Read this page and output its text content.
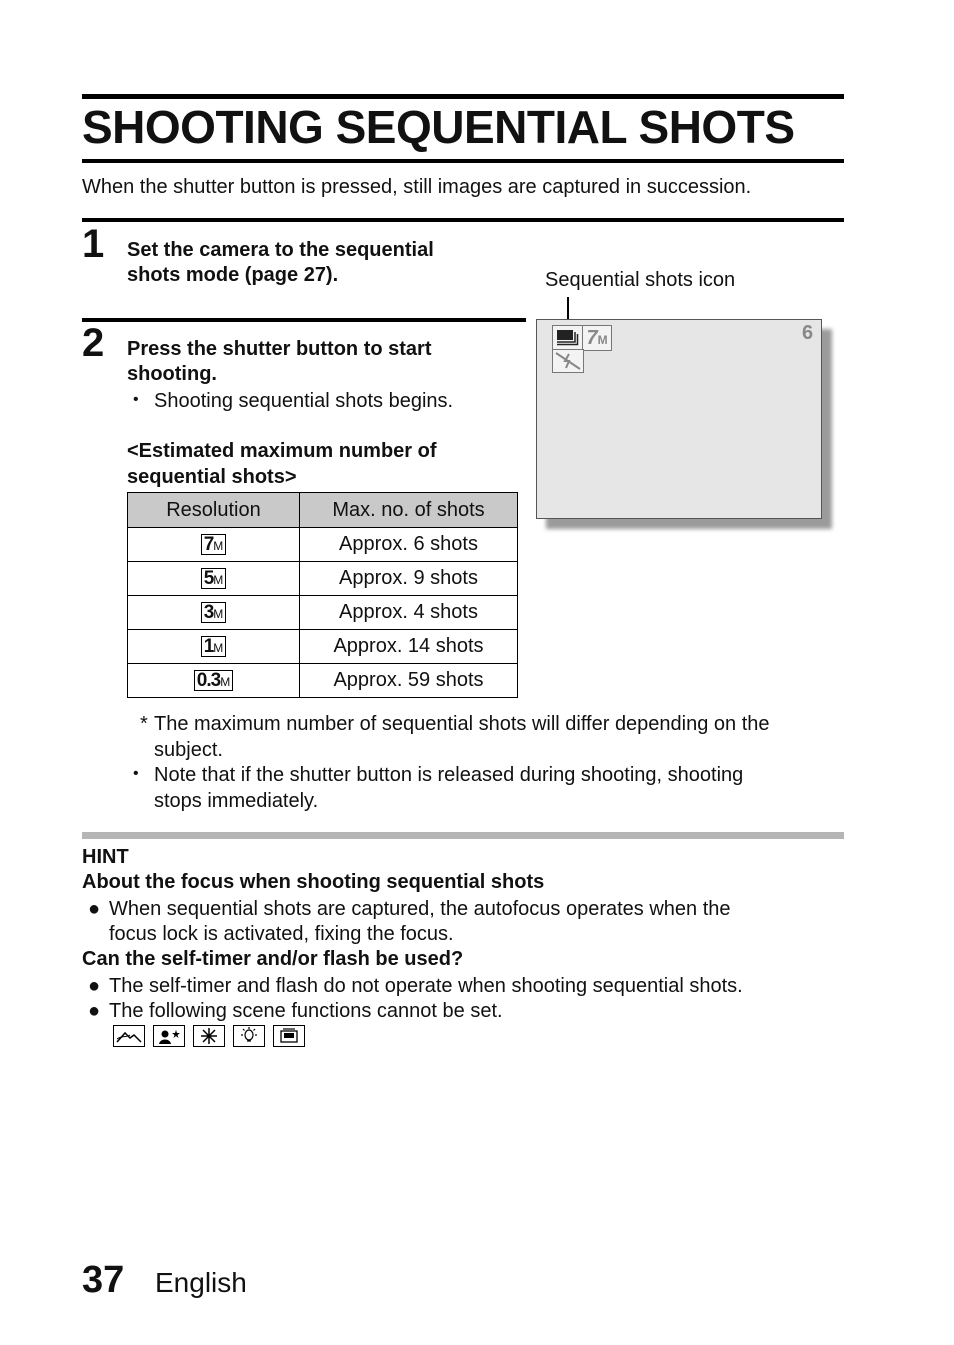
SHOOTING SEQUENTIAL SHOTS
When the shutter button is pressed, still images are captured in succession.
1 Set the camera to the sequential
shots mode (page 27).
2 Press the shutter button to start
shooting.
• Shooting sequential shots begins.
<Estimated maximum number of
sequential shots>
Resolution	Max. no. of shots
7M	Approx. 6 shots
5M	Approx. 9 shots
3M	Approx. 4 shots
1M	Approx. 14 shots
0.3M	Approx. 59 shots
Sequential shots icon
7M	6
* The maximum number of sequential shots will differ depending on the
subject.
• Note that if the shutter button is released during shooting, shooting
stops immediately.
HINT
About the focus when shooting sequential shots
● When sequential shots are captured, the autofocus operates when the
focus lock is activated, fixing the focus.
Can the self-timer and/or flash be used?
● The self-timer and flash do not operate when shooting sequential shots.
● The following scene functions cannot be set.
37 English
